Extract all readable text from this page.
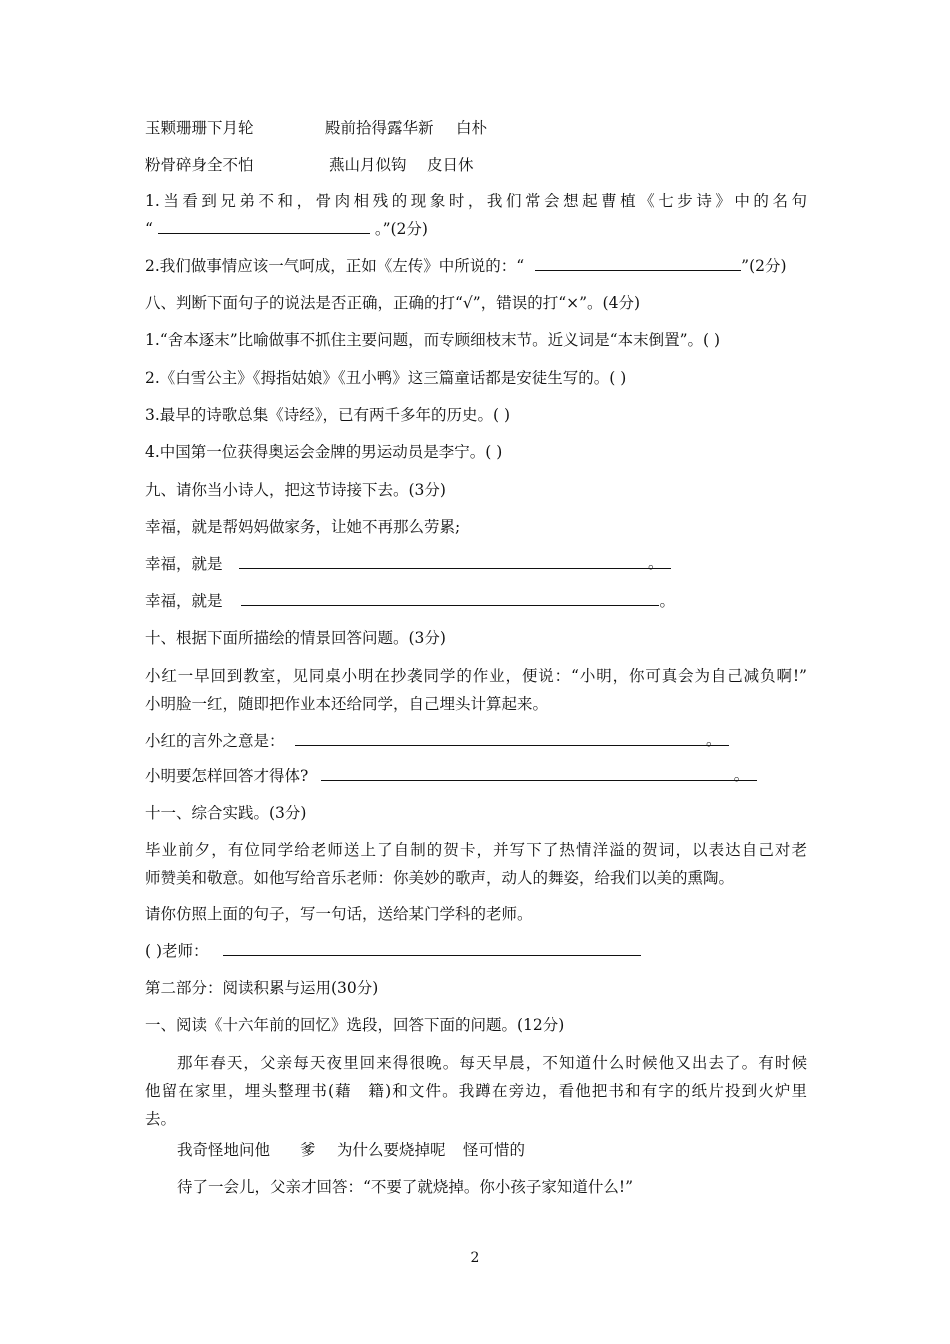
玉颗珊珊下月轮	殿前拾得露华新 白朴
粉骨碎身全不怕	燕山月似钩 皮日休
1.当看到兄弟不和，骨肉相残的现象时，我们常会想起曹植《七步诗》中的名句
“	。”(2分)
2.我们做事情应该一气呵成，正如《左传》中所说的：“	”(2分)
八、判断下面句子的说法是否正确，正确的打“√”，错误的打“×”。(4分)
1.“舍本逐末”比喻做事不抓住主要问题，而专顾细枝末节。近义词是“本末倒置”。( )
2.《白雪公主》《拇指姑娘》《丑小鸭》这三篇童话都是安徒生写的。( )
3.最早的诗歌总集《诗经》，已有两千多年的历史。( )
4.中国第一位获得奥运会金牌的男运动员是李宁。( )
九、请你当小诗人，把这节诗接下去。(3分)
幸福，就是帮妈妈做家务，让她不再那么劳累;
幸福，就是	。
幸福，就是	。
十、根据下面所描绘的情景回答问题。(3分)
小红一早回到教室，见同桌小明在抄袭同学的作业，便说：“小明，你可真会为自己减负啊!”
小明脸一红，随即把作业本还给同学，自己埋头计算起来。
小红的言外之意是：	。
小明要怎样回答才得体?	。
十一、综合实践。(3分)
毕业前夕，有位同学给老师送上了自制的贺卡，并写下了热情洋溢的贺词，以表达自己对老
师赞美和敬意。如他写给音乐老师：你美妙的歌声，动人的舞姿，给我们以美的熏陶。
请你仿照上面的句子，写一句话，送给某门学科的老师。
( )老师：
第二部分：阅读积累与运用(30分)
一、阅读《十六年前的回忆》选段，回答下面的问题。(12分)
那年春天，父亲每天夜里回来得很晚。每天早晨，不知道什么时候他又出去了。有时候
他留在家里，埋头整理书(藉　籍)和文件。我蹲在旁边，看他把书和有字的纸片投到火炉里
去。
我奇怪地问他 爹 为什么要烧掉呢 怪可惜的
待了一会儿，父亲才回答：“不要了就烧掉。你小孩子家知道什么!”
2
